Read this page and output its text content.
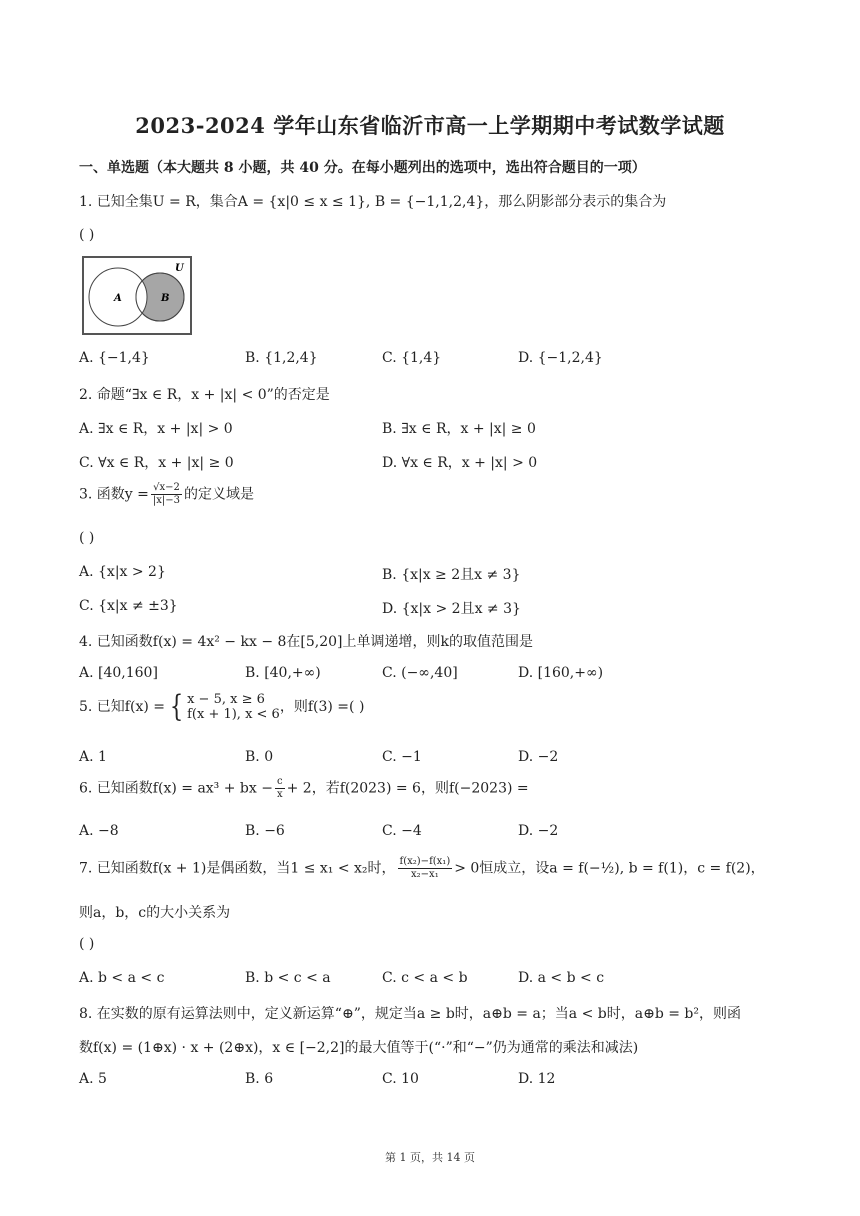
2023-2024 学年山东省临沂市高一上学期期中考试数学试题
一、单选题（本大题共 8 小题，共 40 分。在每小题列出的选项中，选出符合题目的一项）
1. 已知全集U = R，集合A = {x|0 ≤ x ≤ 1}, B = {−1,1,2,4}，那么阴影部分表示的集合为
( )
A	B
U
A. {−1,4}	B. {1,2,4}	C. {1,4}	D. {−1,2,4}
2. 命题“∃x ∈ R，x + |x| < 0”的否定是
A. ∃x ∈ R，x + |x| > 0	B. ∃x ∈ R，x + |x| ≥ 0
C. ∀x ∈ R，x + |x| ≥ 0	D. ∀x ∈ R，x + |x| > 0
3. 函数$y = \frac{√x-2}{|x|-3}$ 的定义域是
( )
A. {x|x > 2}	B. {x|x ≥ 2且x ≠ 3}
C. {x|x ≠ ±3}	D. {x|x > 2且x ≠ 3}
4. 已知函数f(x) = 4x² − kx − 8在[5,20]上单调递增，则k的取值范围是
A. [40,160]	B. [40,+∞)	C. (−∞,40]	D. [160,+∞)
5. 已知f(x) = { x − 5, x ≥ 6
f(x + 1), x < 6 ，则f(3) =( )
A. 1	B. 0	C. −1	D. −2
6. 已知函数f(x) = ax³ + bx − $\frac{c}{x} + 2$，若f(2023) = 6，则f(−2023) =
A. −8	B. −6	C. −4	D. −2
7. 已知函数f(x + 1)是偶函数，当1 ≤ x₁ < x₂时， $\frac{\text{f(x₂)−f(x₁)}}{\text{x₂−x₁}} > 0$恒成立，设a = f(−½), b = f(1)，c = f(2)，
则a，b，c的大小关系为
( )
A. b < a < c	B. b < c < a	C. c < a < b	D. a < b < c
8. 在实数的原有运算法则中，定义新运算“⊕”，规定当a ≥ b时，a⊕b = a；当a < b时，a⊕b = b²，则函
数f(x) = (1⊕x) · x + (2⊕x)，x ∈ [−2,2]的最大值等于(“·”和“−”仍为通常的乘法和减法)
A. 5	B. 6	C. 10	D. 12
第 1 页，共 14 页
